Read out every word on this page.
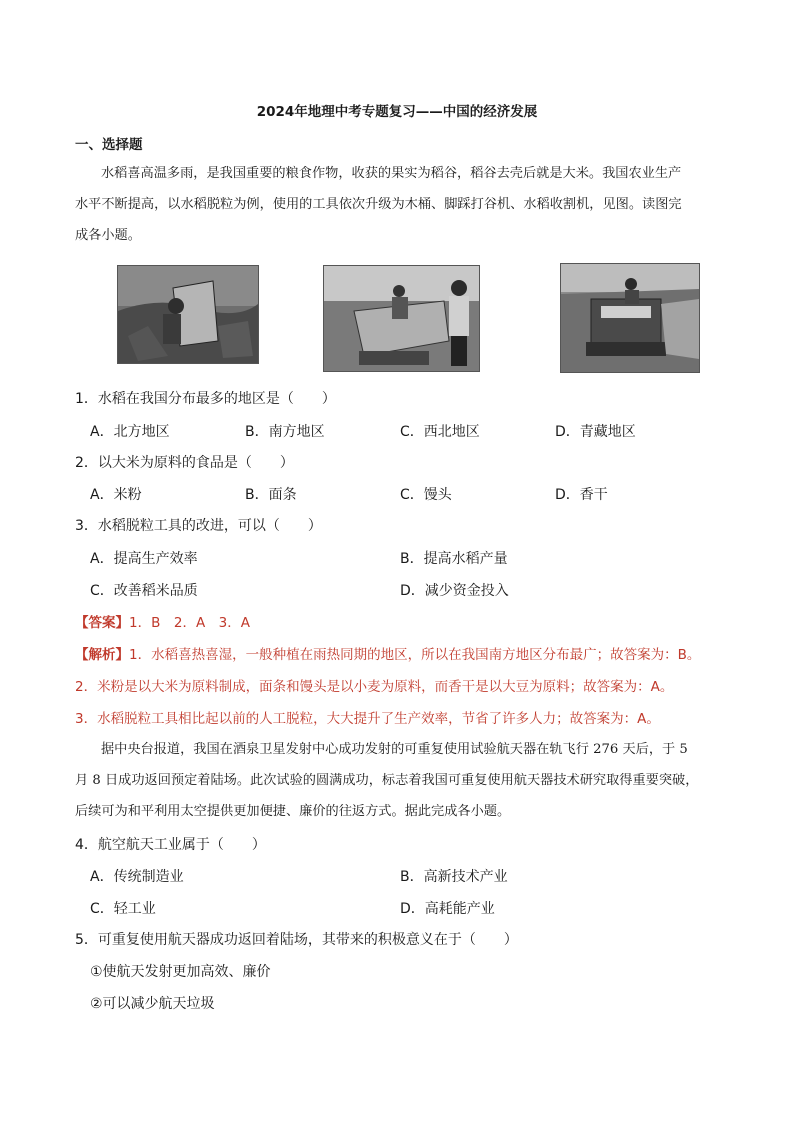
2024年地理中考专题复习——中国的经济发展
一、选择题
水稻喜高温多雨，是我国重要的粮食作物，收获的果实为稻谷，稻谷去壳后就是大米。我国农业生产
水平不断提高，以水稻脱粒为例，使用的工具依次升级为木桶、脚踩打谷机、水稻收割机，见图。读图完
成各小题。
1．水稻在我国分布最多的地区是（　　）
A．北方地区	B．南方地区	C．西北地区	D．青藏地区
2．以大米为原料的食品是（　　）
A．米粉	B．面条	C．馒头	D．香干
3．水稻脱粒工具的改进，可以（　　）
A．提高生产效率	B．提高水稻产量
C．改善稻米品质	D．减少资金投入
【答案】1．B　2．A　3．A
【解析】1．水稻喜热喜湿，一般种植在雨热同期的地区，所以在我国南方地区分布最广；故答案为：B。
2．米粉是以大米为原料制成，面条和馒头是以小麦为原料，而香干是以大豆为原料；故答案为：A。
3．水稻脱粒工具相比起以前的人工脱粒，大大提升了生产效率，节省了许多人力；故答案为：A。
据中央台报道，我国在酒泉卫星发射中心成功发射的可重复使用试验航天器在轨飞行 276 天后，于 5
月 8 日成功返回预定着陆场。此次试验的圆满成功，标志着我国可重复使用航天器技术研究取得重要突破，
后续可为和平利用太空提供更加便捷、廉价的往返方式。据此完成各小题。
4．航空航天工业属于（　　）
A．传统制造业	B．高新技术产业
C．轻工业	D．高耗能产业
5．可重复使用航天器成功返回着陆场，其带来的积极意义在于（　　）
①使航天发射更加高效、廉价
②可以减少航天垃圾
